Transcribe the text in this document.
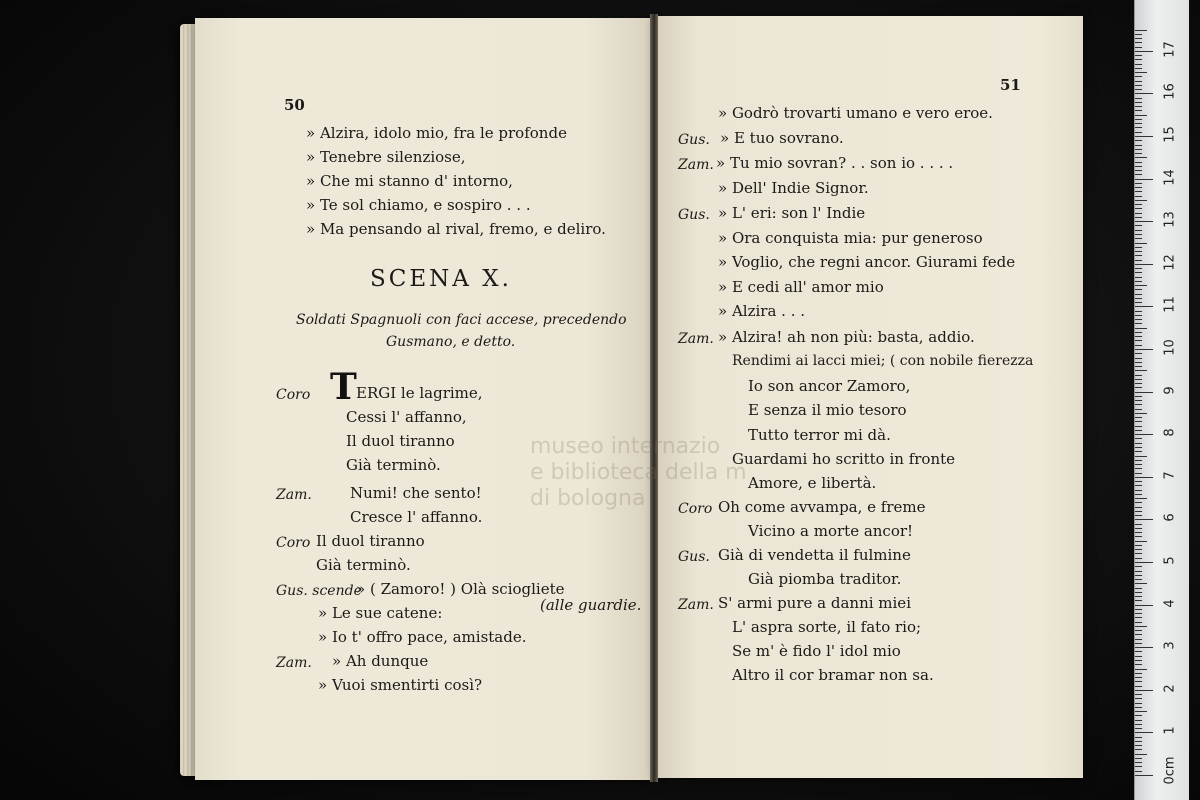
50
» Alzira, idolo mio, fra le profonde
» Tenebre silenziose,
» Che mi stanno d' intorno,
» Te sol chiamo, e sospiro . . .
» Ma pensando al rival, fremo, e deliro.
SCENA X.
Soldati Spagnuoli con faci accese, precedendo
Gusmano, e detto.
T
Coro	ERGI le lagrime,
Cessi l' affanno,
Il duol tiranno
Già terminò.
Zam.	Numi! che sento!
Cresce l' affanno.
Coro Il duol tiranno
Già terminò.
Gus. scende
» ( Zamoro! ) Olà sciogliete
» Le sue catene:
» Io t' offro pace, amistade.
Zam. » Ah dunque
» Vuoi smentirti così?
(alle guardie.
museo internazio
e biblioteca della m
di bologna
51
» Godrò trovarti umano e vero eroe.
Gus. » E tuo sovrano.
Zam. » Tu mio sovran? . . son io . . . .
» Dell' Indie Signor.
Gus. » L' eri: son l' Indie
» Ora conquista mia: pur generoso
» Voglio, che regni ancor. Giurami fede
» E cedi all' amor mio
» Alzira . . .
Zam. » Alzira! ah non più: basta, addio.
Rendimi ai lacci miei; ( con nobile fierezza
Io son ancor Zamoro,
E senza il mio tesoro
Tutto terror mi dà.
Guardami ho scritto in fronte
Amore, e libertà.
Coro Oh come avvampa, e freme
Vicino a morte ancor!
Gus. Già di vendetta il fulmine
Già piomba traditor.
Zam. S' armi pure a danni miei
L' aspra sorte, il fato rio;
Se m' è fido l' idol mio
Altro il cor bramar non sa.
0cm
1
2
3
4
5
6
7
8
9
10
11
12
13
14
15
16
17
